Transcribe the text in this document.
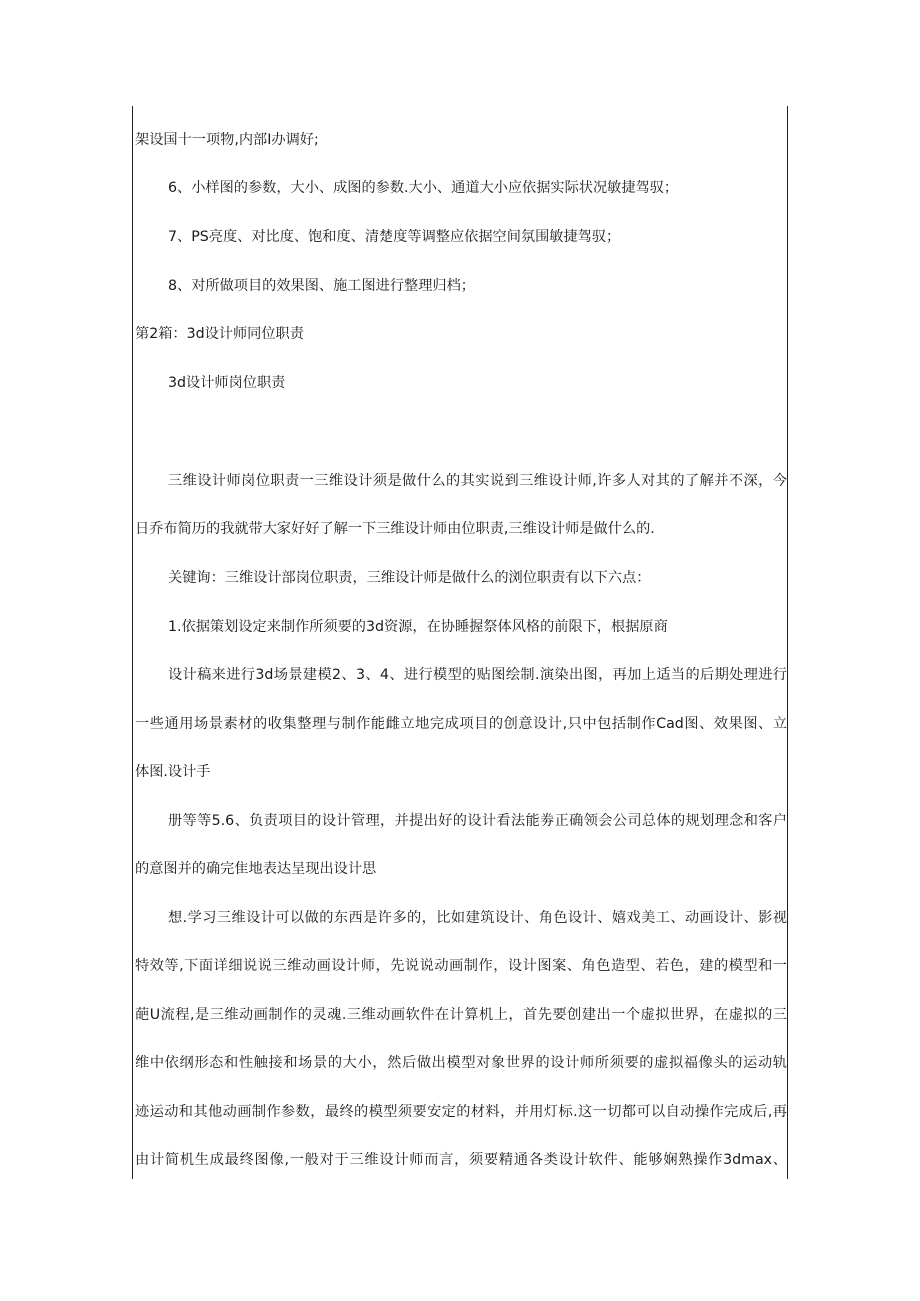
架设国十一项物,内部I办调好;
6、小样图的参数，大小、成图的参数.大小、通道大小应依据实际状况敏捷驾驭；
7、PS亮度、对比度、饱和度、清楚度等调整应依据空间氛围敏捷驾驭；
8、对所做项目的效果图、施工图进行整理归档；
第2箱：3d设计师同位职责
3d设计师岗位职责
三维设计师岗位职责一三维设计须是做什么的其实说到三维设计师,许多人对其的了解并不深，今
日乔布简历的我就带大家好好了解一下三维设计师由位职责,三维设计师是做什么的.
关键询：三维设计部岗位职责，三维设计师是做什么的浏位职责有以下六点：
1.依据策划设定来制作所须要的3d资源，在协睡握祭体风格的前限下，根据原商
设计稿来进行3d场景建模2、3、4、进行模型的贴图绘制.演染出图，再加上适当的后期处理进行
一些通用场景素材的收集整理与制作能雌立地完成项目的创意设计,只中包括制作Cad图、效果图、立
体图.设计手
册等等5.6、负责项目的设计管理，并提出好的设计看法能劵正确领会公司总体的规划理念和客户
的意图并的确完隹地表达呈现出设计思
想.学习三维设计可以做的东西是许多的，比如建筑设计、角色设计、嬉戏美工、动画设计、影视
特效等,下面详细说说三维动画设计师，先说说动画制作，设计图案、角色造型、若色，建的模型和一
葩U流程,是三维动画制作的灵魂.三维动画软件在计算机上，首先要创建出一个虚拟世界，在虚拟的三
维中依纲形态和性触接和场景的大小，然后做出模型对象世界的设计师所须要的虚拟福像头的运动轨
迹运动和其他动画制作参数，最终的模型须要安定的材料，并用灯标.这一切都可以自动操作完成后,再
由计简机生成最终图像,一般对于三维设计师而言，须要精通各类设计软件、能够娴熟操作3dmax、
